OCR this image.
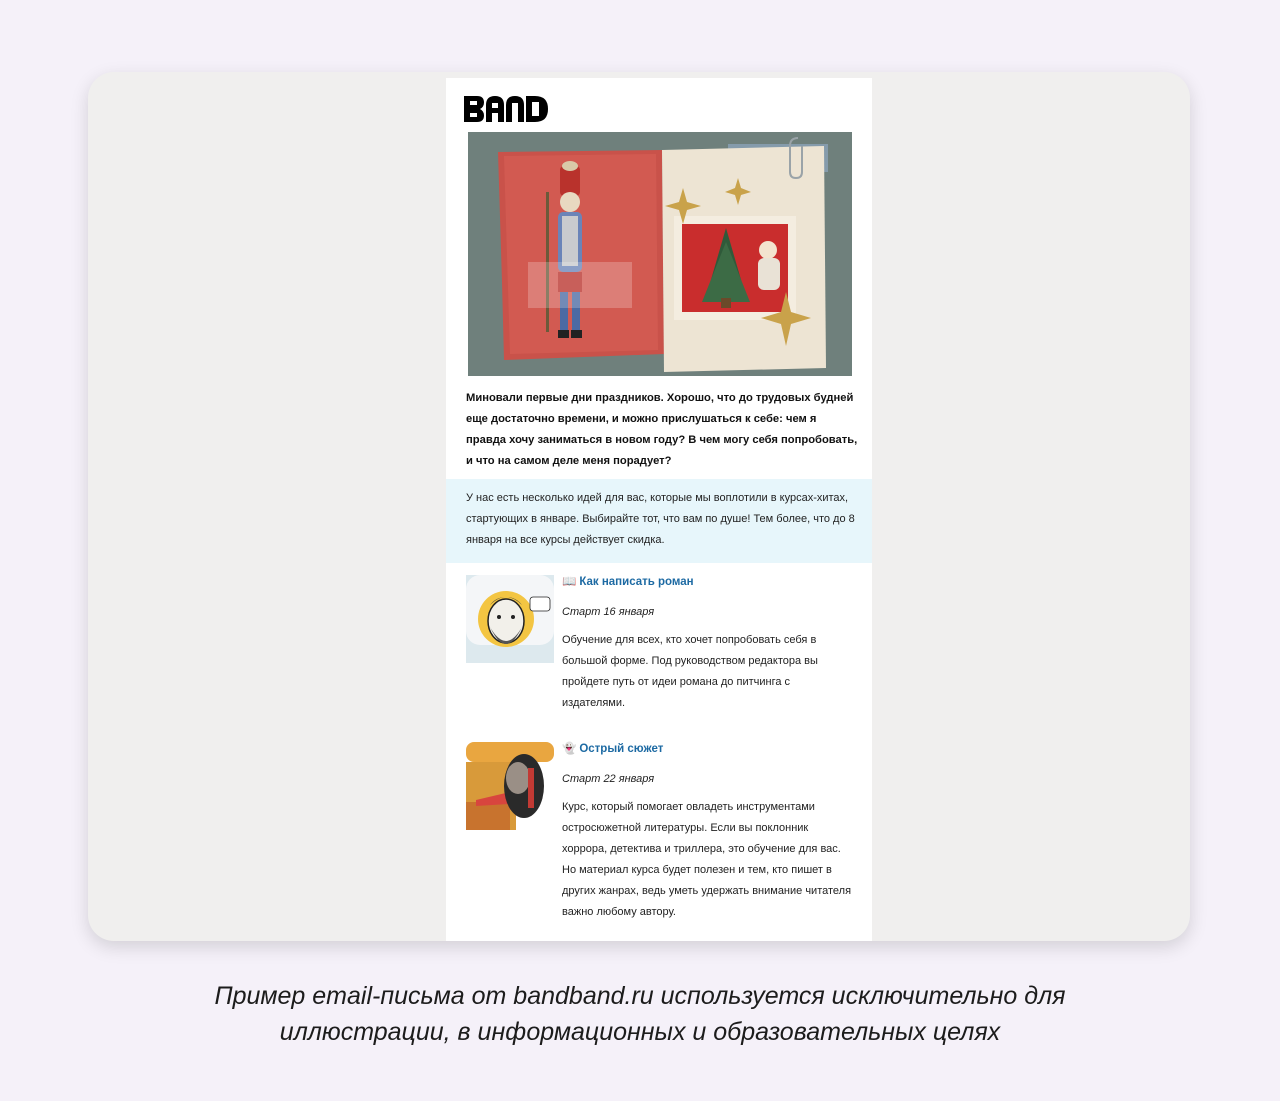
Миновали первые дни праздников. Хорошо, что до трудовых будней еще достаточно времени, и можно прислушаться к себе: чем я правда хочу заниматься в новом году? В чем могу себя попробовать, и что на самом деле меня порадует?

У нас есть несколько идей для вас, которые мы воплотили в курсах-хитах, стартующих в январе. Выбирайте тот, что вам по душе! Тем более, что до 8 января на все курсы действует скидка.

📖 Как написать роман
Старт 16 января

Обучение для всех, кто хочет попробовать себя в большой форме. Под руководством редактора вы пройдете путь от идеи романа до питчинга с издателями.

👻 Острый сюжет
Старт 22 января

Курс, который помогает овладеть инструментами остросюжетной литературы. Если вы поклонник хоррора, детектива и триллера, это обучение для вас. Но материал курса будет полезен и тем, кто пишет в других жанрах, ведь уметь удержать внимание читателя важно любому автору.

Пример email-письма от bandband.ru используется исключительно для
иллюстрации, в информационных и образовательных целях
